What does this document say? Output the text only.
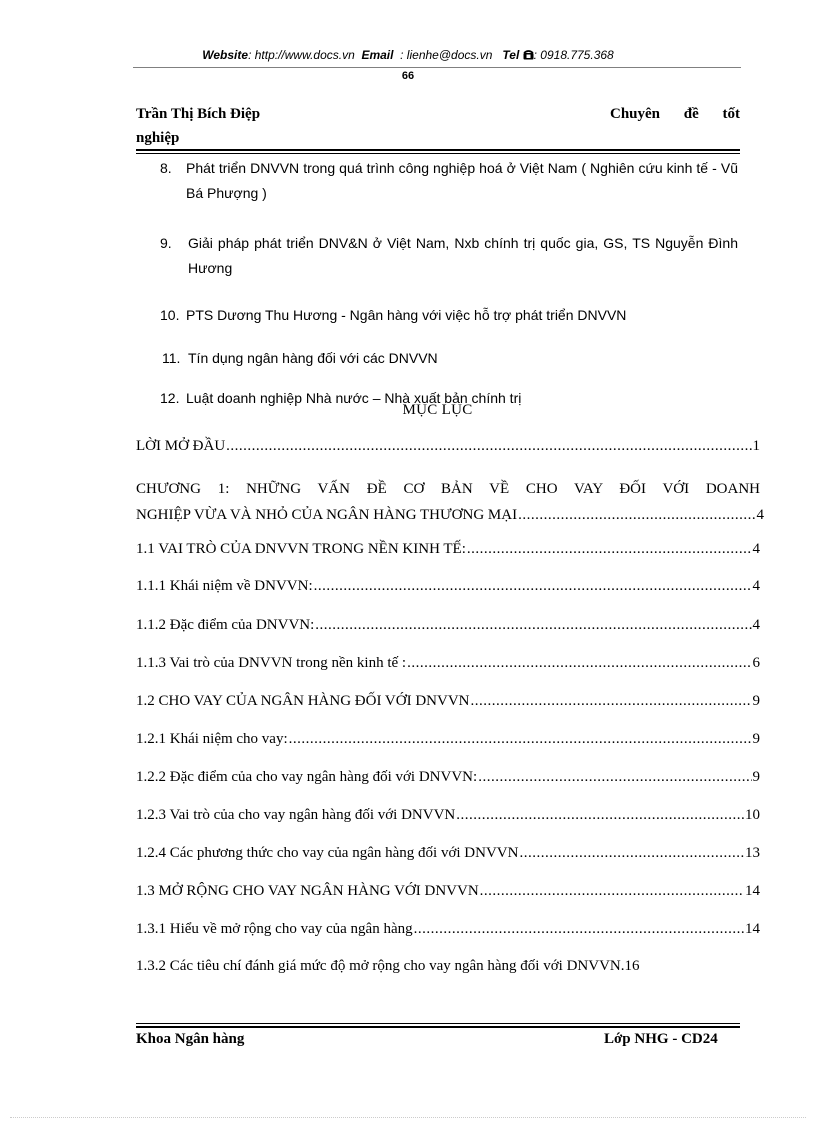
Website: http://www.docs.vn Email : lienhe@docs.vn Tel : 0918.775.368
66
Trần Thị Bích Điệp	Chuyên đề tốt
nghiệp
8.	Phát triển DNVVN trong quá trình công nghiệp hoá ở Việt Nam ( Nghiên cứu kinh tế - Vũ Bá Phượng )
9.	Giải pháp phát triển DNV&N ở Việt Nam, Nxb chính trị quốc gia, GS, TS Nguyễn Đình Hương
10. PTS Dương Thu Hương - Ngân hàng với việc hỗ trợ phát triển DNVVN
11. Tín dụng ngân hàng đối với các DNVVN
12. Luật doanh nghiệp Nhà nước – Nhà xuất bản chính trị
MỤC LỤC
LỜI MỞ ĐẦU .....	1
CHƯƠNG 1: NHỮNG VẤN ĐỀ CƠ BẢN VỀ CHO VAY ĐỐI VỚI DOANH
NGHIỆP VỪA VÀ NHỎ CỦA NGÂN HÀNG THƯƠNG MẠI .....	4
1.1 VAI TRÒ CỦA DNVVN TRONG NỀN KINH TẾ: .....	4
1.1.1 Khái niệm về DNVVN: .....	4
1.1.2 Đặc điểm của DNVVN: .....	4
1.1.3 Vai trò của DNVVN trong nền kinh tế : .....	6
1.2 CHO VAY CỦA NGÂN HÀNG ĐỐI VỚI DNVVN .....	9
1.2.1 Khái niệm cho vay: .....	9
1.2.2 Đặc điểm của cho vay ngân hàng đối với DNVVN: .....	9
1.2.3 Vai trò của cho vay ngân hàng đối với DNVVN .....	10
1.2.4 Các phương thức cho vay của ngân hàng đối với DNVVN .....	13
1.3 MỞ RỘNG CHO VAY NGÂN HÀNG VỚI DNVVN .....	14
1.3.1 Hiểu về mở rộng cho vay của ngân hàng .....	14
1.3.2 Các tiêu chí đánh giá mức độ mở rộng cho vay ngân hàng đối với DNVVN. 16
Khoa Ngân hàng	Lớp NHG - CD24
